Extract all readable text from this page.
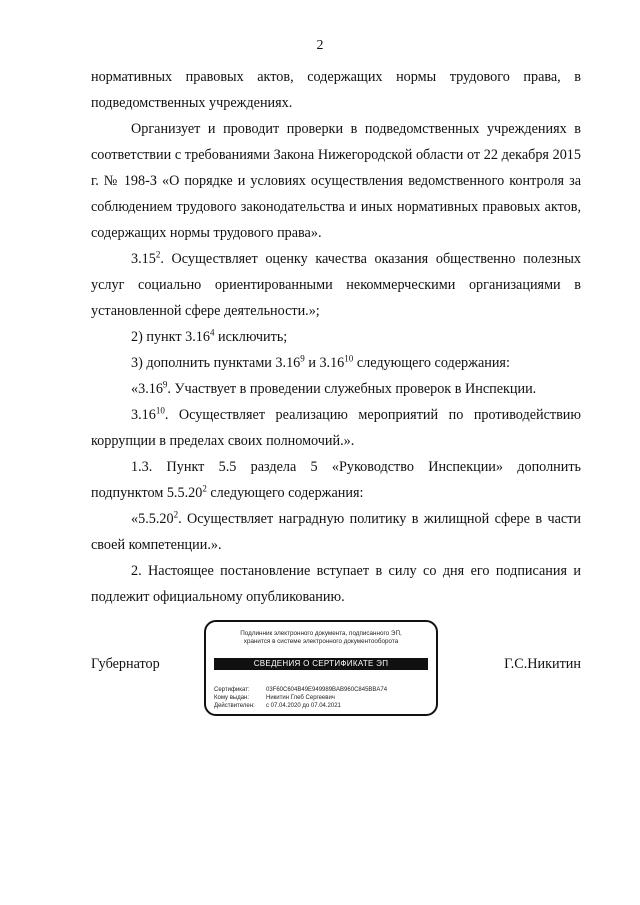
2

нормативных правовых актов, содержащих нормы трудового права, в подведомственных учреждениях.

Организует и проводит проверки в подведомственных учреждениях в соответствии с требованиями Закона Нижегородской области от 22 декабря 2015 г. № 198-З «О порядке и условиях осуществления ведомственного контроля за соблюдением трудового законодательства и иных нормативных правовых актов, содержащих нормы трудового права».

3.15$^2$. Осуществляет оценку качества оказания общественно полезных услуг социально ориентированными некоммерческими организациями в установленной сфере деятельности.»;

2) пункт 3.16$^4$ исключить;

3) дополнить пунктами 3.16$^9$ и 3.16$^{10}$ следующего содержания:

«3.16$^9$. Участвует в проведении служебных проверок в Инспекции.

3.16$^{10}$. Осуществляет реализацию мероприятий по противодействию коррупции в пределах своих полномочий.».

1.3. Пункт 5.5 раздела 5 «Руководство Инспекции» дополнить подпунктом 5.5.20$^2$ следующего содержания:

«5.5.20$^2$. Осуществляет наградную политику в жилищной сфере в части своей компетенции.».

2. Настоящее постановление вступает в силу со дня его подписания и подлежит официальному опубликованию.

Подлинник электронного документа, подписанного ЭП,
хранится в системе электронного документооборота
СВЕДЕНИЯ О СЕРТИФИКАТЕ ЭП
Сертификат:	03F60C604B49E949989BAB960C845BBA74
Кому выдан:	Никитин Глеб Сергеевич
Действителен: с 07.04.2020 до 07.04.2021
Губернатор	Г.С.Никитин
